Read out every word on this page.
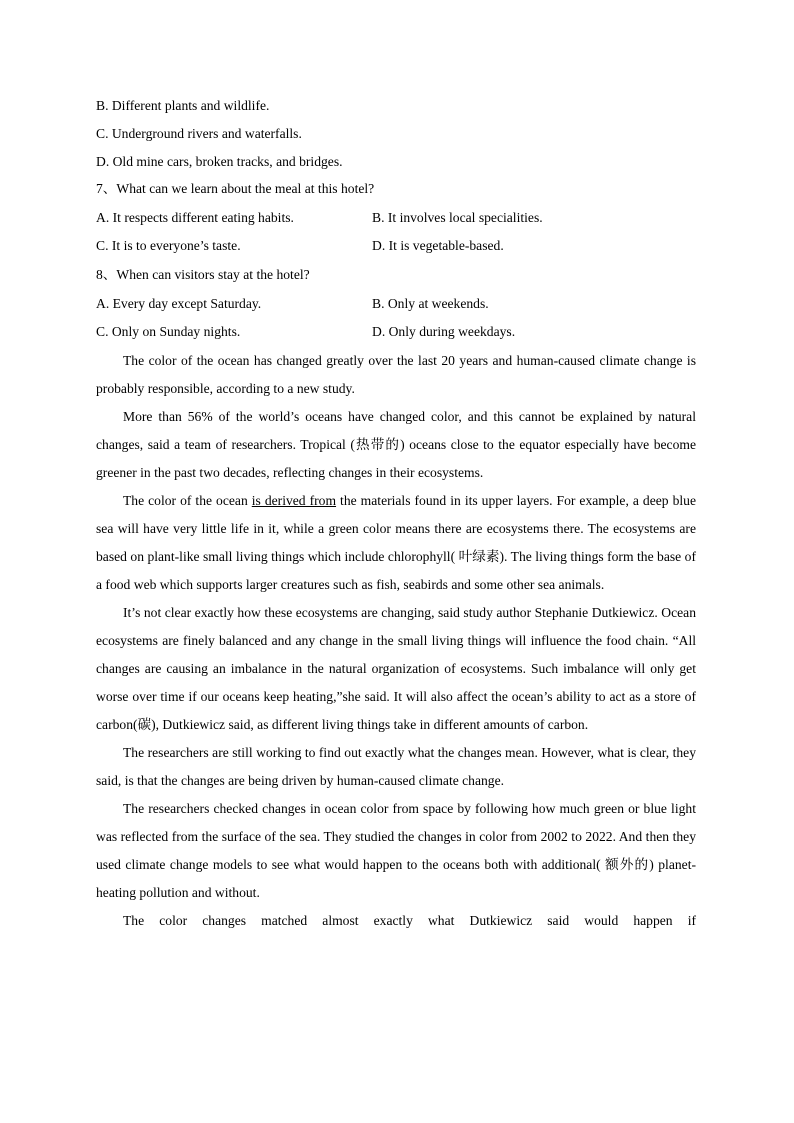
B. Different plants and wildlife.
C. Underground rivers and waterfalls.
D. Old mine cars, broken tracks, and bridges.
7、What can we learn about the meal at this hotel?
A. It respects different eating habits.	B. It involves local specialities.
C. It is to everyone’s taste.	D. It is vegetable-based.
8、When can visitors stay at the hotel?
A. Every day except Saturday.	B. Only at weekends.
C. Only on Sunday nights.	D. Only during weekdays.

The color of the ocean has changed greatly over the last 20 years and human-caused climate change is probably responsible, according to a new study.

More than 56% of the world’s oceans have changed color, and this cannot be explained by natural changes, said a team of researchers. Tropical (热带的) oceans close to the equator especially have become greener in the past two decades, reflecting changes in their ecosystems.

The color of the ocean is derived from the materials found in its upper layers. For example, a deep blue sea will have very little life in it, while a green color means there are ecosystems there. The ecosystems are based on plant-like small living things which include chlorophyll( 叶绿素). The living things form the base of a food web which supports larger creatures such as fish, seabirds and some other sea animals.

It’s not clear exactly how these ecosystems are changing, said study author Stephanie Dutkiewicz. Ocean ecosystems are finely balanced and any change in the small living things will influence the food chain. “All changes are causing an imbalance in the natural organization of ecosystems. Such imbalance will only get worse over time if our oceans keep heating,”she said. It will also affect the ocean’s ability to act as a store of carbon(碳), Dutkiewicz said, as different living things take in different amounts of carbon.

The researchers are still working to find out exactly what the changes mean. However, what is clear, they said, is that the changes are being driven by human-caused climate change.

The researchers checked changes in ocean color from space by following how much green or blue light was reflected from the surface of the sea. They studied the changes in color from 2002 to 2022. And then they used climate change models to see what would happen to the oceans both with additional( 额外的) planet-heating pollution and without.

The color changes matched almost exactly what Dutkiewicz said would happen if
